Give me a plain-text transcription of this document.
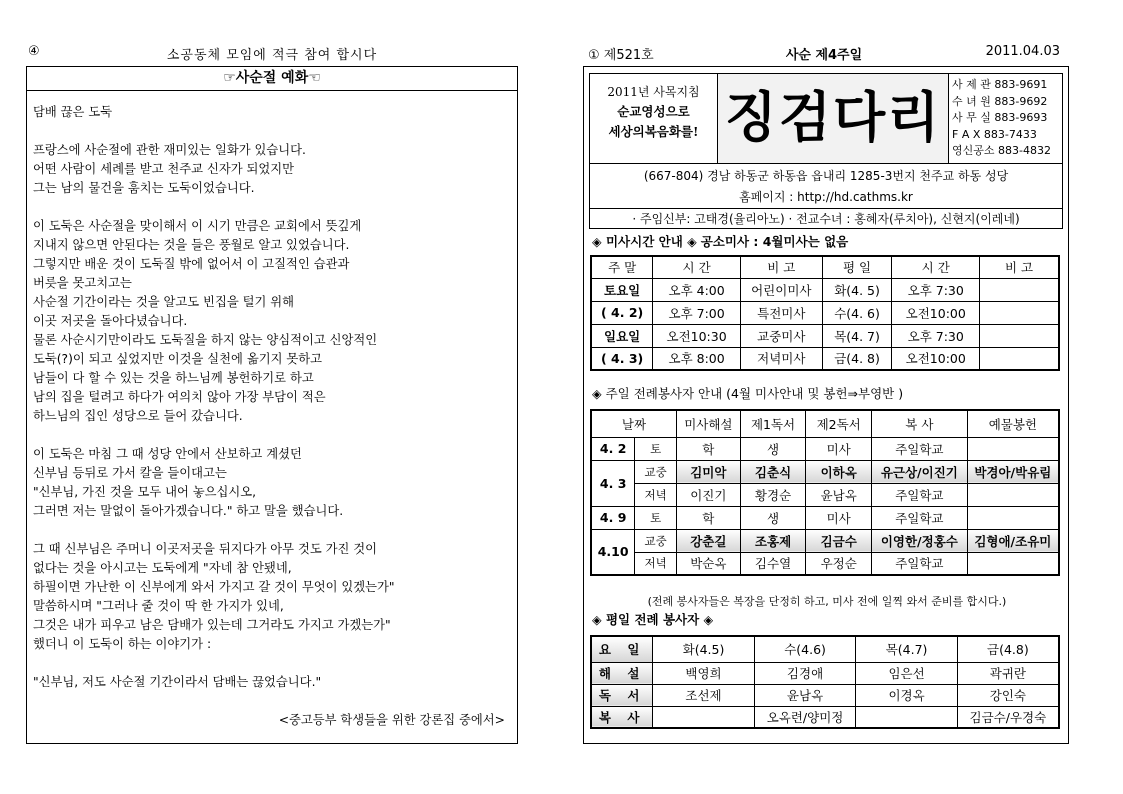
④	소공동체 모임에 적극 참여 합시다
☞사순절 예화☜
담배 끊은 도둑
프랑스에 사순절에 관한 재미있는 일화가 있습니다.
어떤 사람이 세례를 받고 천주교 신자가 되었지만
그는 남의 물건을 훔치는 도둑이었습니다.
이 도둑은 사순절을 맞이해서 이 시기 만큼은 교회에서 뜻깊게
지내지 않으면 안된다는 것을 들은 풍월로 알고 있었습니다.
그렇지만 배운 것이 도둑질 밖에 없어서 이 고질적인 습관과
버릇을 못고치고는
사순절 기간이라는 것을 알고도 빈집을 털기 위해
이곳 저곳을 돌아다녔습니다.
물론 사순시기만이라도 도둑질을 하지 않는 양심적이고 신앙적인
도둑(?)이 되고 싶었지만 이것을 실천에 옮기지 못하고
남들이 다 할 수 있는 것을 하느님께 봉헌하기로 하고
남의 집을 털려고 하다가 여의치 않아 가장 부담이 적은
하느님의 집인 성당으로 들어 갔습니다.
이 도둑은 마침 그 때 성당 안에서 산보하고 계셨던
신부님 등뒤로 가서 칼을 들이대고는
"신부님, 가진 것을 모두 내어 놓으십시오,
그러면 저는 말없이 돌아가겠습니다." 하고 말을 했습니다.
그 때 신부님은 주머니 이곳저곳을 뒤지다가 아무 것도 가진 것이
없다는 것을 아시고는 도둑에게 "자네 참 안됐네,
하필이면 가난한 이 신부에게 와서 가지고 갈 것이 무엇이 있겠는가"
말씀하시며 "그러나 줄 것이 딱 한 가지가 있네,
그것은 내가 피우고 남은 담배가 있는데 그거라도 가지고 가겠는가"
했더니 이 도둑이 하는 이야기가 :
"신부님, 저도 사순절 기간이라서 담배는 끊었습니다."
<중고등부 학생들을 위한 강론집 중에서>
① 제521호	사순 제4주일	2011.04.03
2011년 사목지침
순교영성으로
세상의복음화를! 징검다리
사 제 관 883-9691
수 녀 원 883-9692
사 무 실 883-9693
F A X 883-7433
영신공소 883-4832
(667-804) 경남 하동군 하동읍 읍내리 1285-3번지 천주교 하동 성당
홈페이지 : http://hd.cathms.kr
· 주임신부: 고태경(율리아노) · 전교수녀 : 홍혜자(루치아), 신현지(이레네)
◈ 미사시간 안내 ◈ 공소미사 : 4월미사는 없음
주 말	시 간	비 고	평 일	시 간	비 고
토요일	오후 4:00	어린이미사	화(4. 5)	오후 7:30	
( 4. 2)	오후 7:00	특전미사	수(4. 6)	오전10:00	
일요일	오전10:30	교중미사	목(4. 7)	오후 7:30	
( 4. 3)	오후 8:00	저녁미사	금(4. 8)	오전10:00	
◈ 주일 전례봉사자 안내 (4월 미사안내 및 봉헌⇒부영반 )
날짜		미사해설	제1독서	제2독서	복 사	예물봉헌
4. 2	토	학	생	미사	주일학교	
4. 3	교중	김미악	김춘식	이하옥	유근상/이진기	박경아/박유림
	저녁	이진기	황경순	윤남옥	주일학교	
4. 9	토	학	생	미사	주일학교	
4.10	교중	강춘길	조홍제	김금수	이영한/정홍수	김형애/조유미
	저녁	박순옥	김수열	우정순	주일학교	
(전례 봉사자들은 복장을 단정히 하고, 미사 전에 일찍 와서 준비를 합시다.)
◈ 평일 전례 봉사자 ◈
요 일	화(4.5)	수(4.6)	목(4.7)	금(4.8)
해 설	백영희	김경애	임은선	곽귀란
독 서	조선제	윤남옥	이경옥	강인숙
복 사		오옥련/양미정		김금수/우경숙
